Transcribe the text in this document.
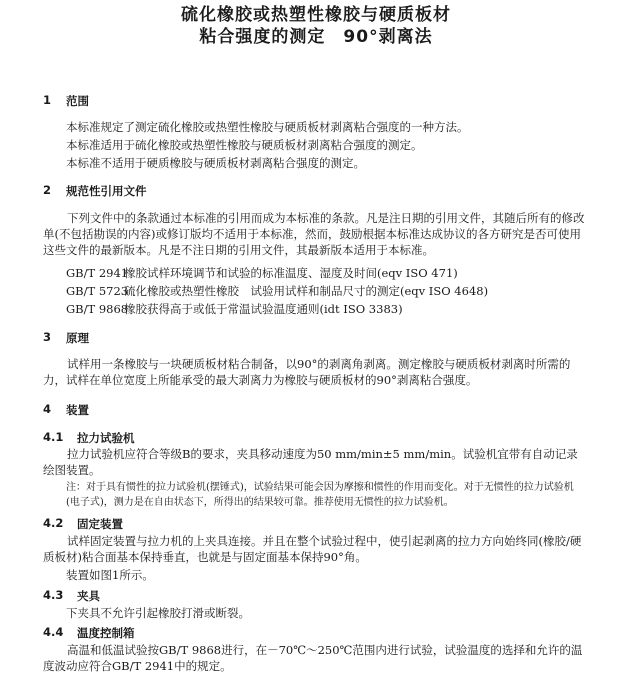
硫化橡胶或热塑性橡胶与硬质板材
粘合强度的测定　90°剥离法
1 范围
本标准规定了测定硫化橡胶或热塑性橡胶与硬质板材剥离粘合强度的一种方法。
本标准适用于硫化橡胶或热塑性橡胶与硬质板材剥离粘合强度的测定。
本标准不适用于硬质橡胶与硬质板材剥离粘合强度的测定。
2 规范性引用文件
下列文件中的条款通过本标准的引用而成为本标准的条款。凡是注日期的引用文件，其随后所有的修改单(不包括勘误的内容)或修订版均不适用于本标准，然而，鼓励根据本标准达成协议的各方研究是否可使用这些文件的最新版本。凡是不注日期的引用文件，其最新版本适用于本标准。
GB/T 2941橡胶试样环境调节和试验的标准温度、湿度及时间(eqv ISO 471)
GB/T 5723硫化橡胶或热塑性橡胶　试验用试样和制品尺寸的测定(eqv ISO 4648)
GB/T 9868橡胶获得高于或低于常温试验温度通则(idt ISO 3383)
3 原理
试样用一条橡胶与一块硬质板材粘合制备，以90°的剥离角剥离。测定橡胶与硬质板材剥离时所需的力，试样在单位宽度上所能承受的最大剥离力为橡胶与硬质板材的90°剥离粘合强度。
4 装置
4.1 拉力试验机
拉力试验机应符合等级B的要求，夹具移动速度为50 mm/min±5 mm/min。试验机宜带有自动记录绘图装置。
注：对于具有惯性的拉力试验机(摆锤式)，试验结果可能会因为摩擦和惯性的作用而变化。对于无惯性的拉力试验机(电子式)，测力是在自由状态下，所得出的结果较可靠。推荐使用无惯性的拉力试验机。
4.2 固定装置
试样固定装置与拉力机的上夹具连接。并且在整个试验过程中，使引起剥离的拉力方向始终同(橡胶/硬质板材)粘合面基本保持垂直，也就是与固定面基本保持90°角。
装置如图1所示。
4.3 夹具
下夹具不允许引起橡胶打滑或断裂。
4.4 温度控制箱
高温和低温试验按GB/T 9868进行，在－70℃～250℃范围内进行试验，试验温度的选择和允许的温度波动应符合GB/T 2941中的规定。
